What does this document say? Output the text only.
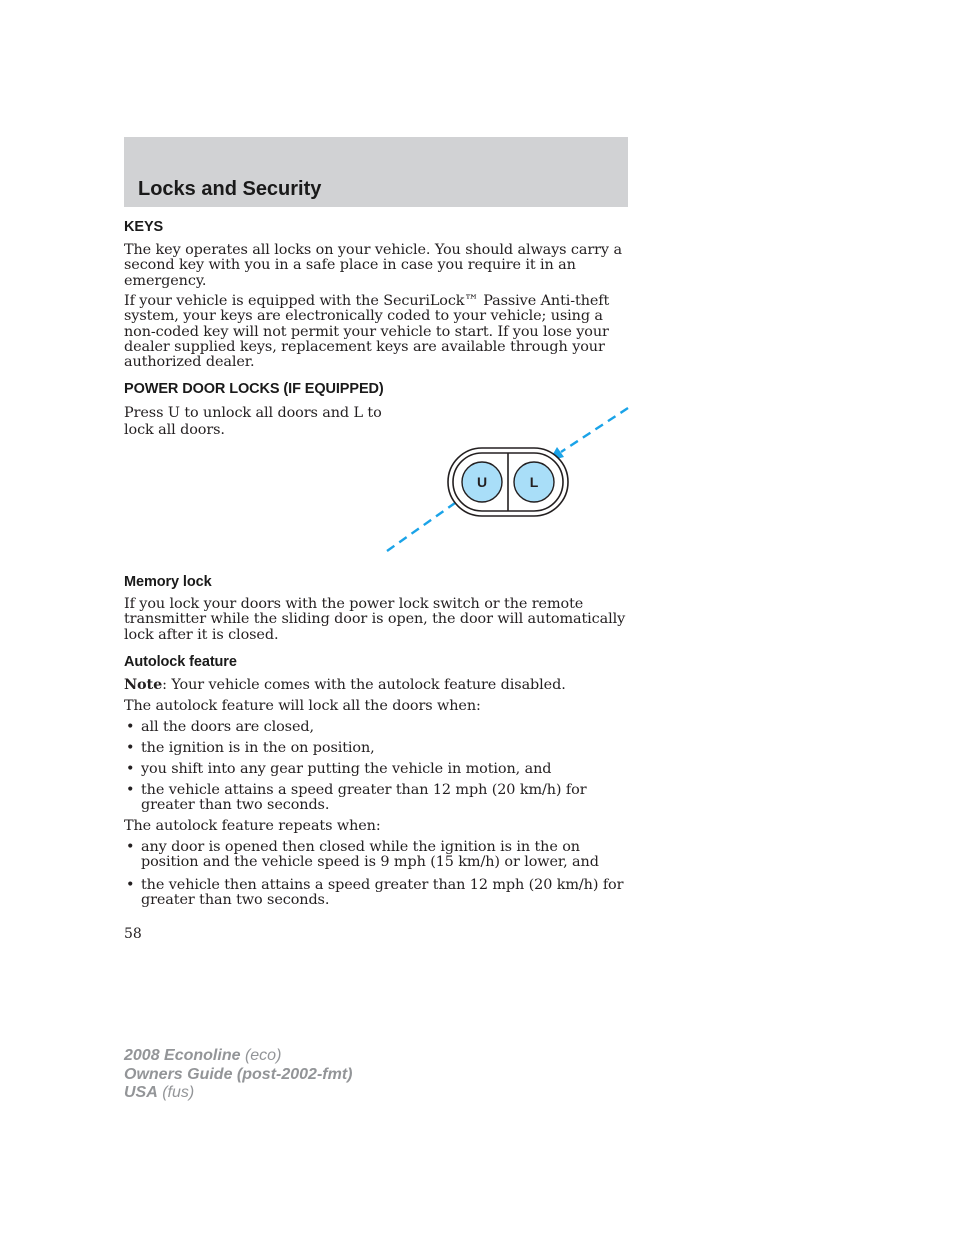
Locks and Security
KEYS

The key operates all locks on your vehicle. You should always carry a second key with you in a safe place in case you require it in an emergency.

If your vehicle is equipped with the SecuriLock™ Passive Anti-theft system, your keys are electronically coded to your vehicle; using a non-coded key will not permit your vehicle to start. If you lose your dealer supplied keys, replacement keys are available through your authorized dealer.

POWER DOOR LOCKS (IF EQUIPPED)

Press U to unlock all doors and L to lock all doors.

Memory lock

If you lock your doors with the power lock switch or the remote transmitter while the sliding door is open, the door will automatically lock after it is closed.

Autolock feature

Note: Your vehicle comes with the autolock feature disabled.

The autolock feature will lock all the doors when:

• all the doors are closed,
• the ignition is in the on position,
• you shift into any gear putting the vehicle in motion, and
• the vehicle attains a speed greater than 12 mph (20 km/h) for greater than two seconds.

The autolock feature repeats when:

• any door is opened then closed while the ignition is in the on position and the vehicle speed is 9 mph (15 km/h) or lower, and
• the vehicle then attains a speed greater than 12 mph (20 km/h) for greater than two seconds.
U	L
58
2008 Econoline (eco)
Owners Guide (post-2002-fmt)
USA (fus)
